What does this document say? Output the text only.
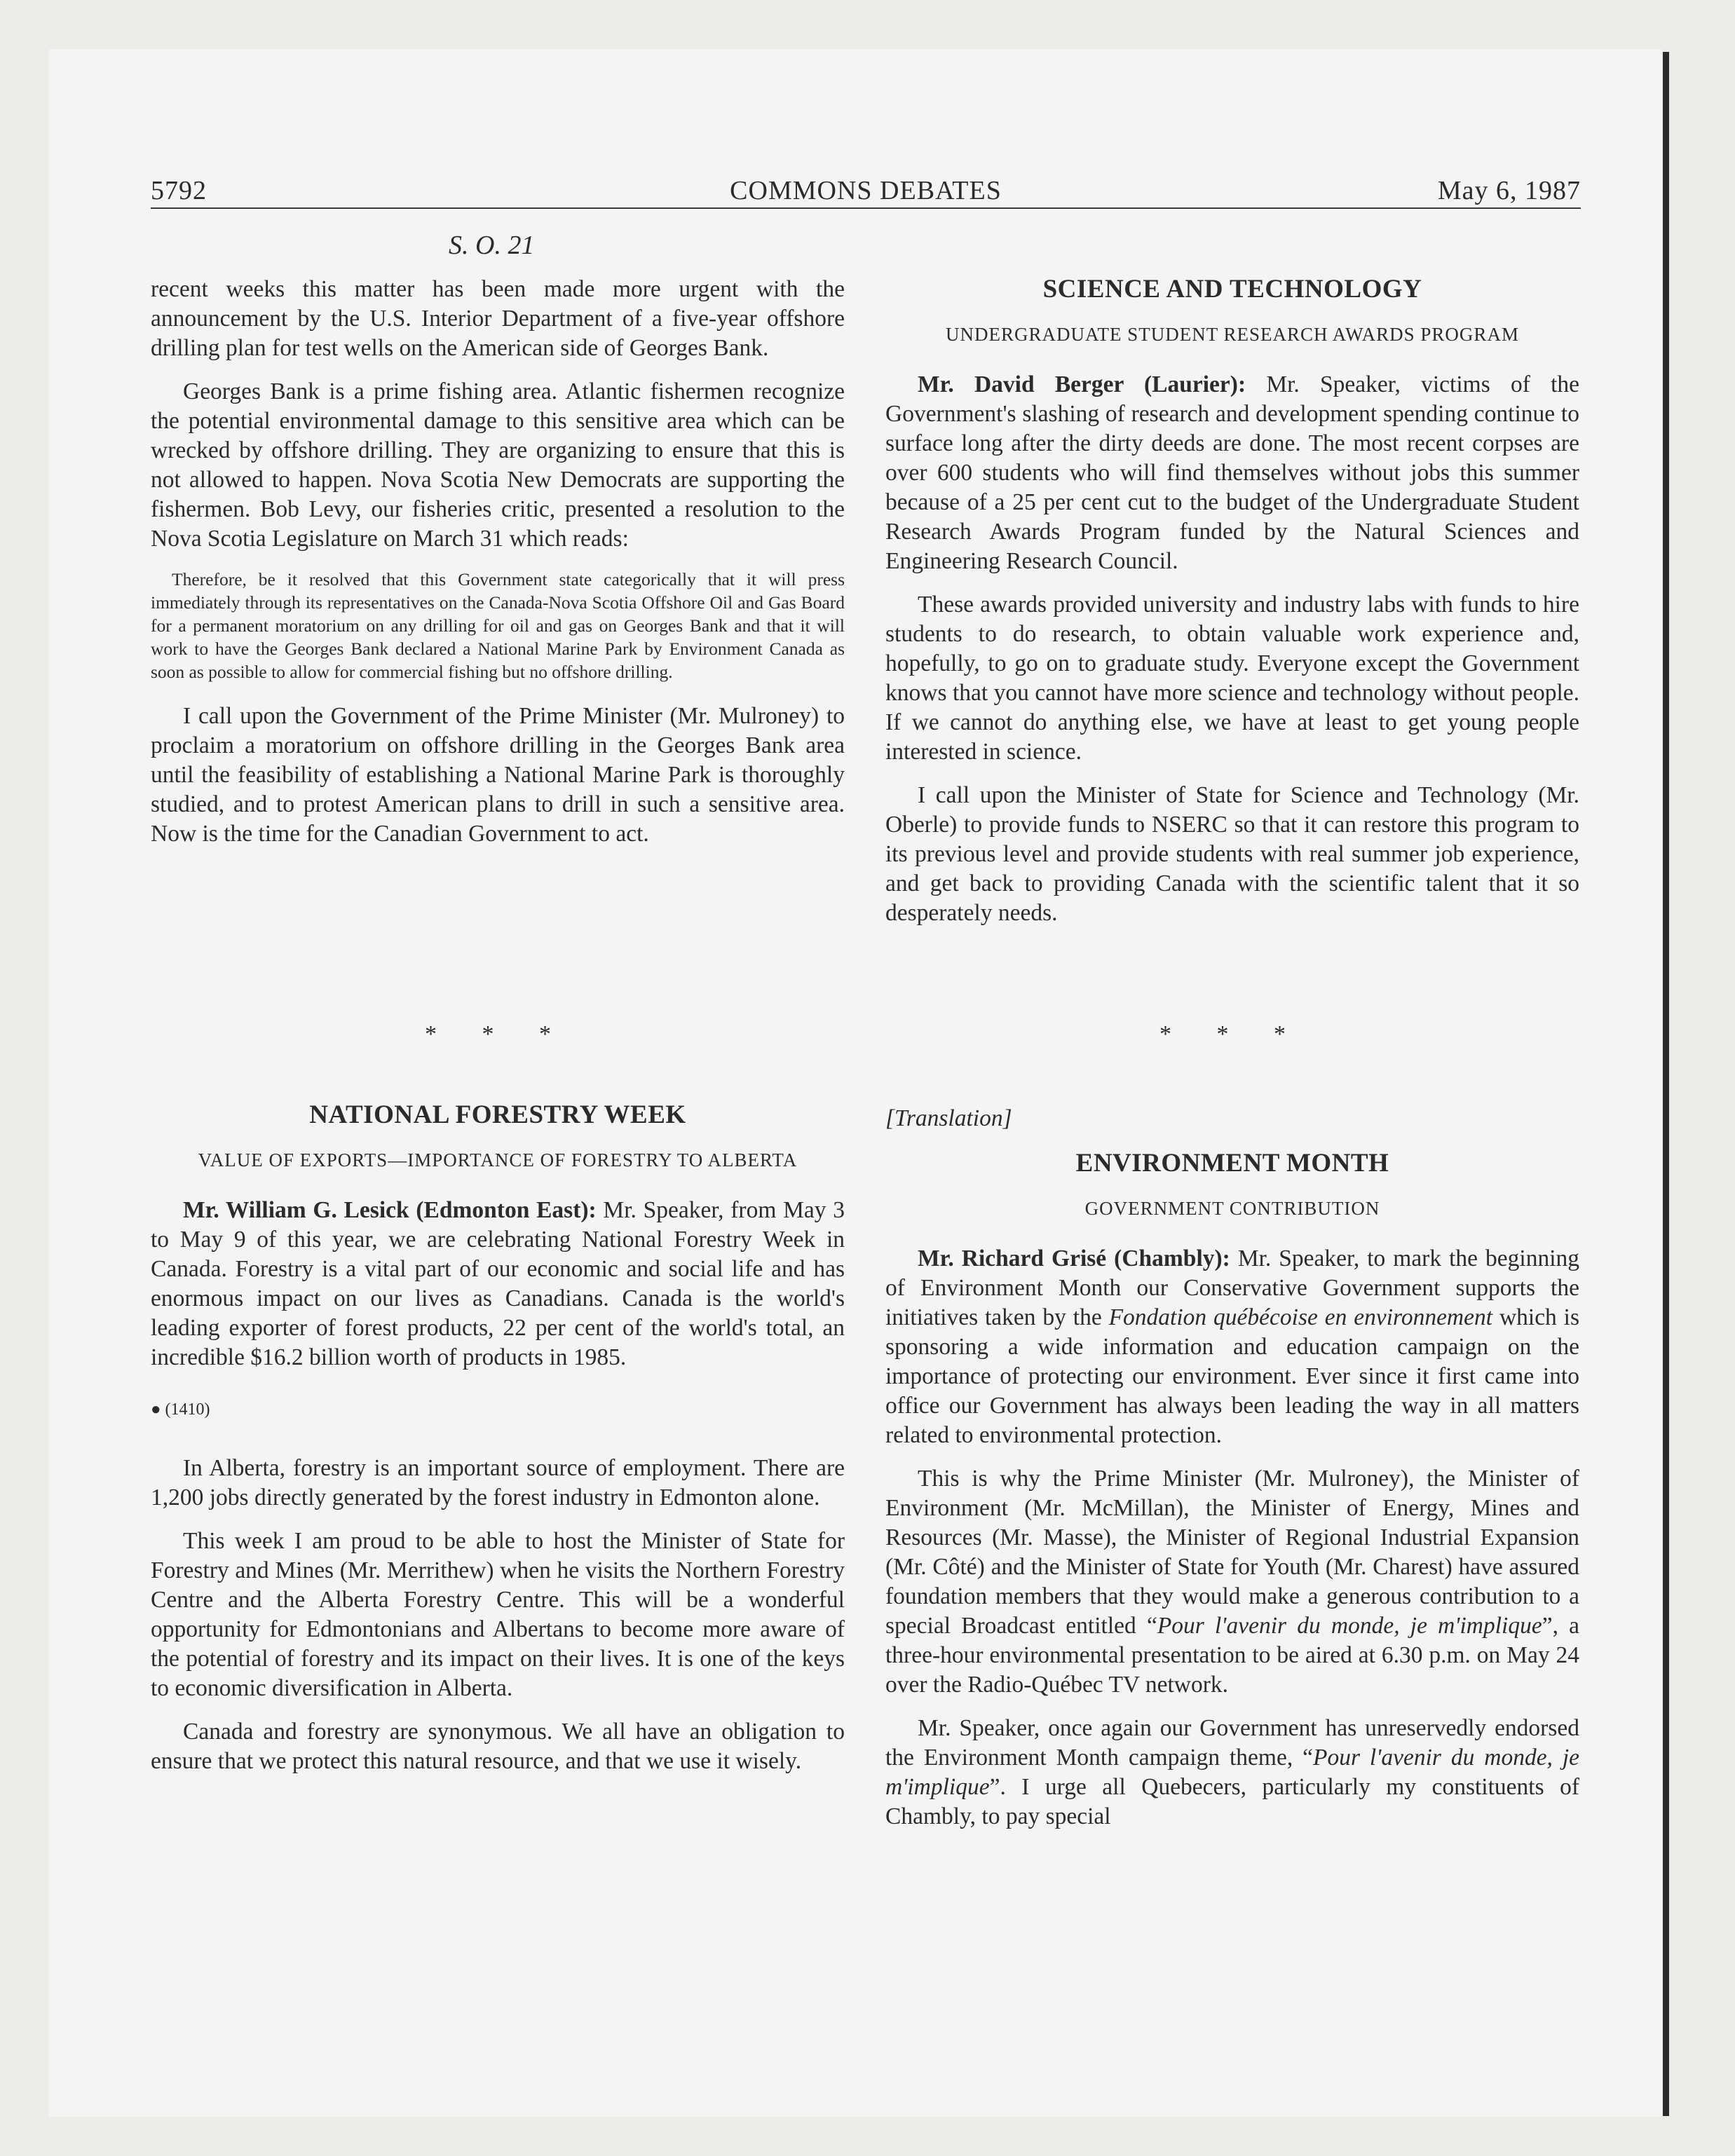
5792	COMMONS DEBATES	May 6, 1987
S. O. 21

recent weeks this matter has been made more urgent with the announcement by the U.S. Interior Department of a five-year offshore drilling plan for test wells on the American side of Georges Bank.

Georges Bank is a prime fishing area. Atlantic fishermen recognize the potential environmental damage to this sensitive area which can be wrecked by offshore drilling. They are organizing to ensure that this is not allowed to happen. Nova Scotia New Democrats are supporting the fishermen. Bob Levy, our fisheries critic, presented a resolution to the Nova Scotia Legislature on March 31 which reads:

Therefore, be it resolved that this Government state categorically that it will press immediately through its representatives on the Canada-Nova Scotia Offshore Oil and Gas Board for a permanent moratorium on any drilling for oil and gas on Georges Bank and that it will work to have the Georges Bank declared a National Marine Park by Environment Canada as soon as possible to allow for commercial fishing but no offshore drilling.

I call upon the Government of the Prime Minister (Mr. Mulroney) to proclaim a moratorium on offshore drilling in the Georges Bank area until the feasibility of establishing a National Marine Park is thoroughly studied, and to protest American plans to drill in such a sensitive area. Now is the time for the Canadian Government to act.

* * *
NATIONAL FORESTRY WEEK
VALUE OF EXPORTS—IMPORTANCE OF FORESTRY TO ALBERTA

Mr. William G. Lesick (Edmonton East): Mr. Speaker, from May 3 to May 9 of this year, we are celebrating National Forestry Week in Canada. Forestry is a vital part of our economic and social life and has enormous impact on our lives as Canadians. Canada is the world's leading exporter of forest products, 22 per cent of the world's total, an incredible $16.2 billion worth of products in 1985.

● (1410)

In Alberta, forestry is an important source of employment. There are 1,200 jobs directly generated by the forest industry in Edmonton alone.

This week I am proud to be able to host the Minister of State for Forestry and Mines (Mr. Merrithew) when he visits the Northern Forestry Centre and the Alberta Forestry Centre. This will be a wonderful opportunity for Edmontonians and Albertans to become more aware of the potential of forestry and its impact on their lives. It is one of the keys to economic diversification in Alberta.

Canada and forestry are synonymous. We all have an obligation to ensure that we protect this natural resource, and that we use it wisely.

SCIENCE AND TECHNOLOGY
UNDERGRADUATE STUDENT RESEARCH AWARDS PROGRAM

Mr. David Berger (Laurier): Mr. Speaker, victims of the Government's slashing of research and development spending continue to surface long after the dirty deeds are done. The most recent corpses are over 600 students who will find themselves without jobs this summer because of a 25 per cent cut to the budget of the Undergraduate Student Research Awards Program funded by the Natural Sciences and Engineering Research Council.

These awards provided university and industry labs with funds to hire students to do research, to obtain valuable work experience and, hopefully, to go on to graduate study. Everyone except the Government knows that you cannot have more science and technology without people. If we cannot do anything else, we have at least to get young people interested in science.

I call upon the Minister of State for Science and Technology (Mr. Oberle) to provide funds to NSERC so that it can restore this program to its previous level and provide students with real summer job experience, and get back to providing Canada with the scientific talent that it so desperately needs.

* * *

[Translation]

ENVIRONMENT MONTH
GOVERNMENT CONTRIBUTION

Mr. Richard Grisé (Chambly): Mr. Speaker, to mark the beginning of Environment Month our Conservative Government supports the initiatives taken by the Fondation québécoise en environnement which is sponsoring a wide information and education campaign on the importance of protecting our environment. Ever since it first came into office our Government has always been leading the way in all matters related to environmental protection.

This is why the Prime Minister (Mr. Mulroney), the Minister of Environment (Mr. McMillan), the Minister of Energy, Mines and Resources (Mr. Masse), the Minister of Regional Industrial Expansion (Mr. Côté) and the Minister of State for Youth (Mr. Charest) have assured foundation members that they would make a generous contribution to a special Broadcast entitled “Pour l'avenir du monde, je m'implique”, a three-hour environmental presentation to be aired at 6.30 p.m. on May 24 over the Radio-Québec TV network.

Mr. Speaker, once again our Government has unreservedly endorsed the Environment Month campaign theme, “Pour l'avenir du monde, je m'implique”. I urge all Quebecers, particularly my constituents of Chambly, to pay special
